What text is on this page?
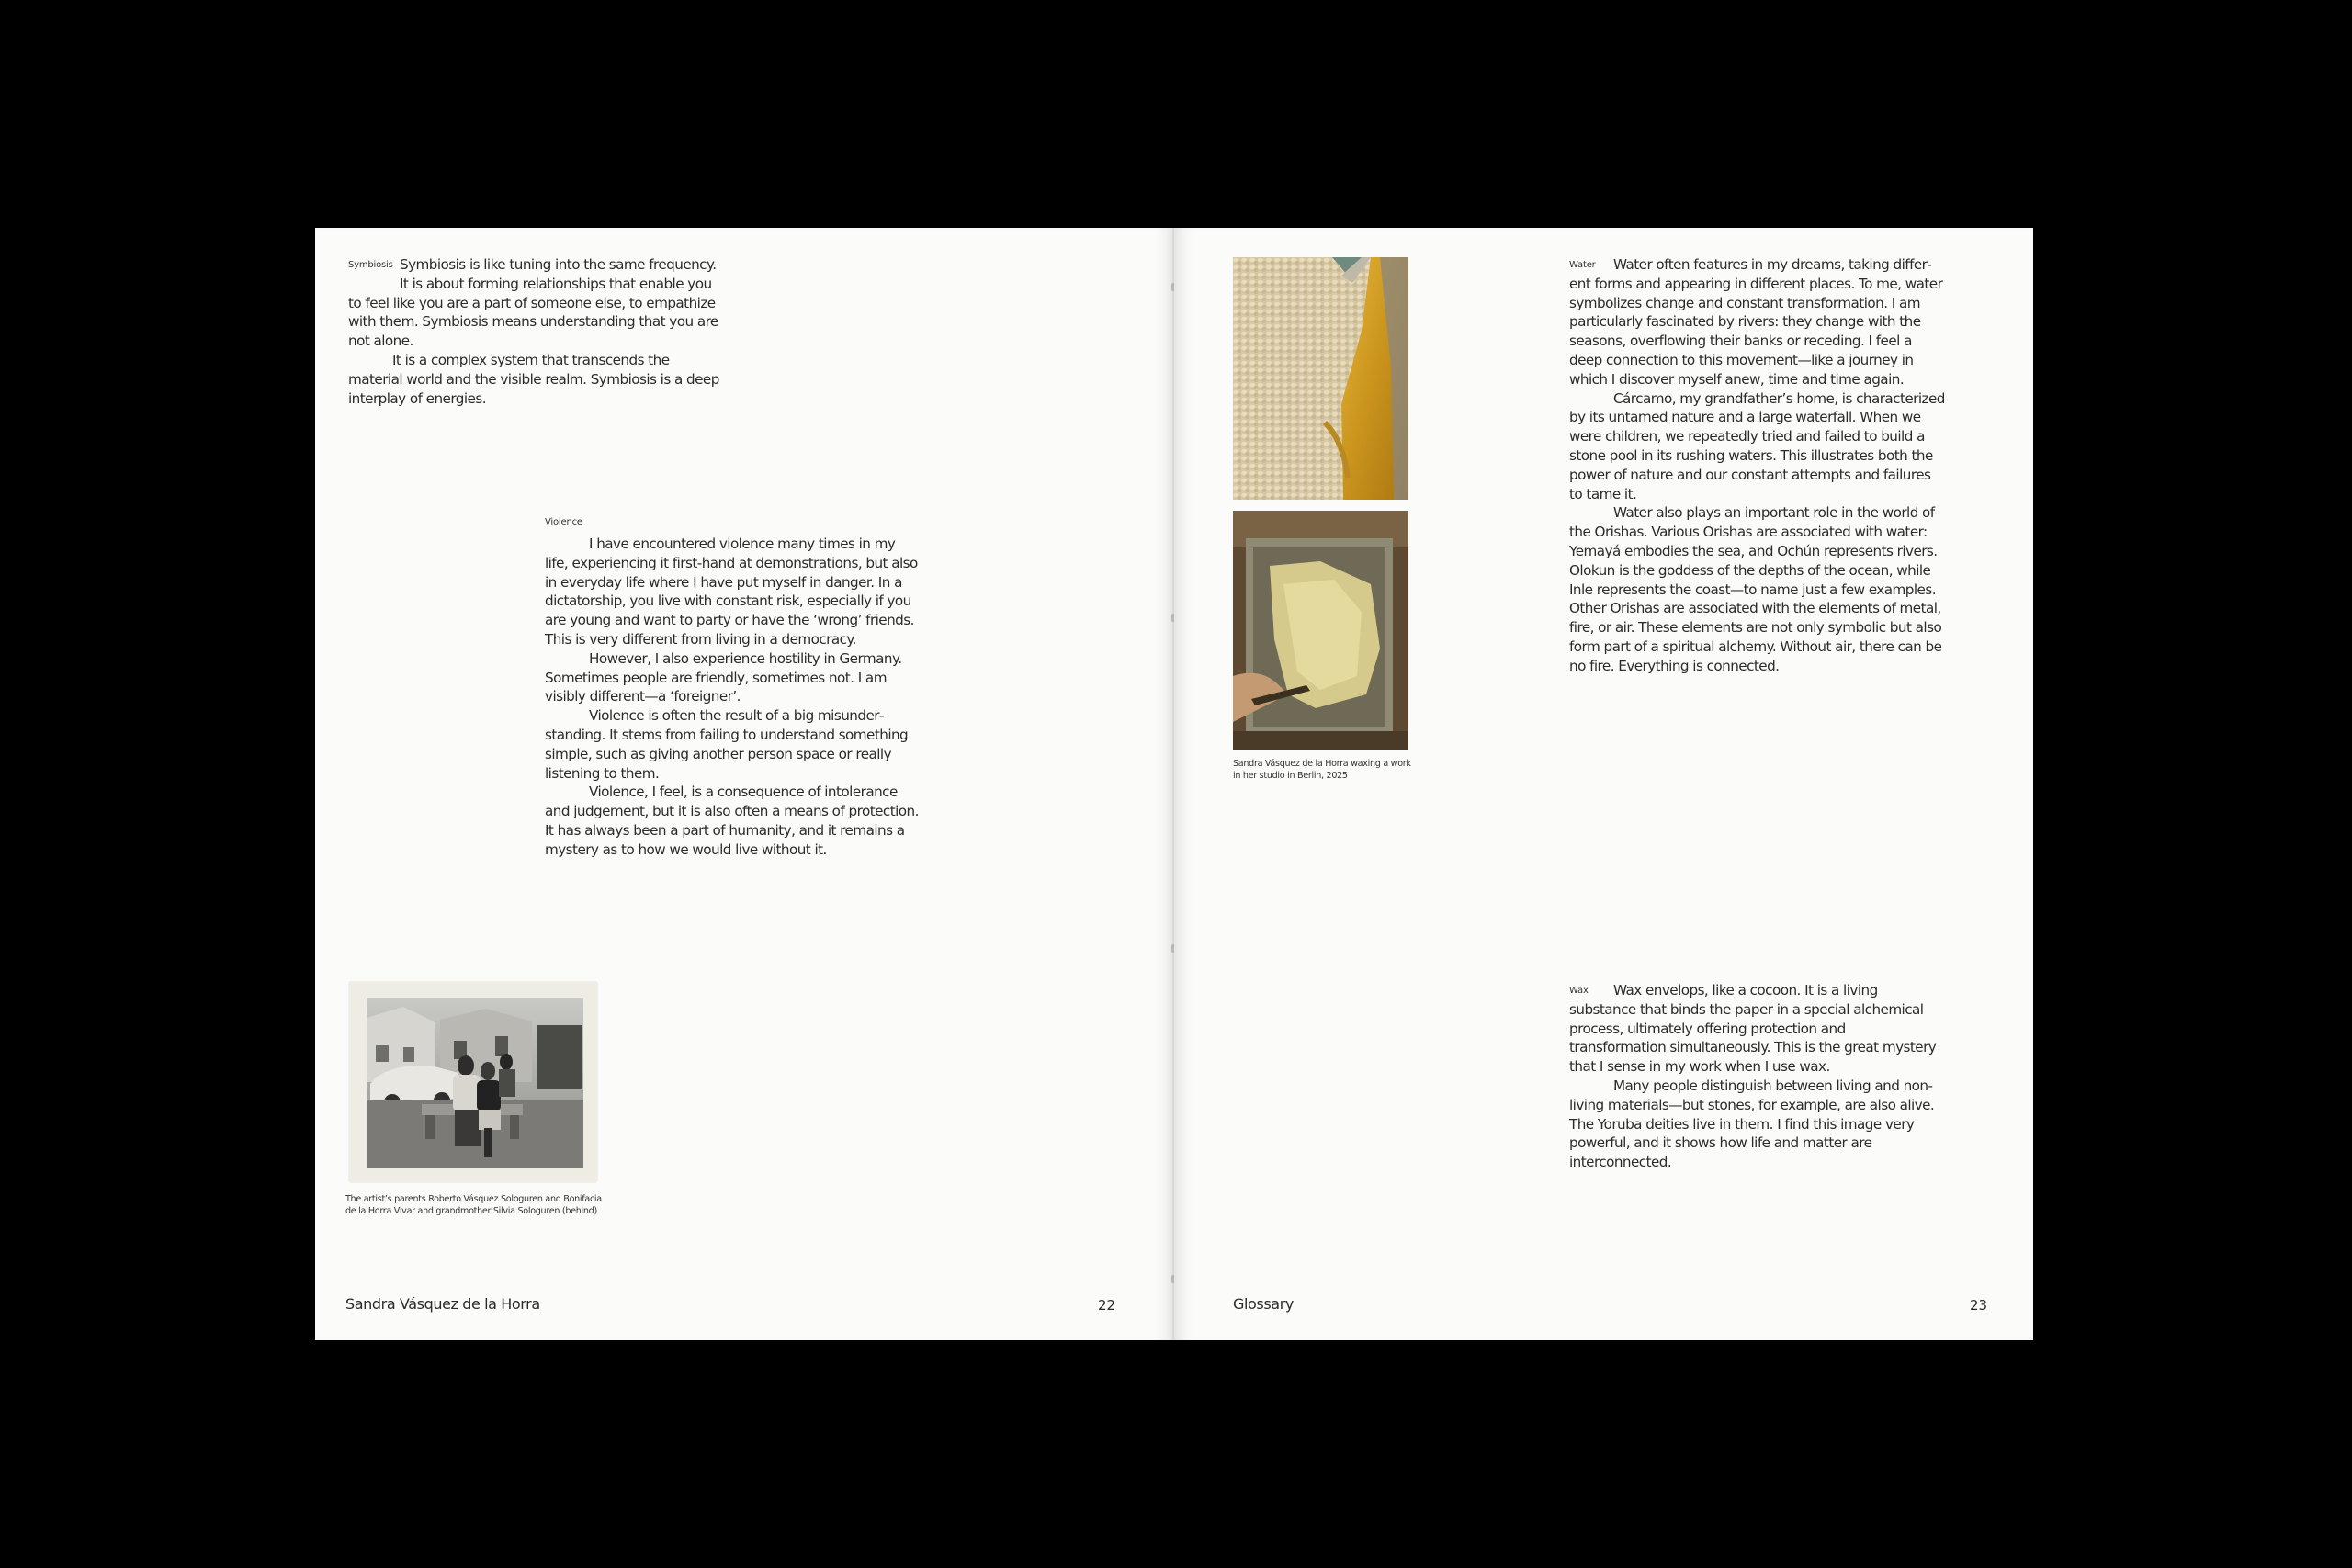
Symbiosis Symbiosis is like tuning into the same frequency.
It is about forming relationships that enable you
to feel like you are a part of someone else, to empathize with them. Symbiosis means understanding that you are not alone.

It is a complex system that transcends the material world and the visible realm. Symbiosis is a deep interplay of energies.

Violence

I have encountered violence many times in my life, experiencing it first-hand at demonstrations, but also in everyday life where I have put myself in danger. In a dictatorship, you live with constant risk, especially if you are young and want to party or have the ‘wrong’ friends. This is very different from living in a democracy.

However, I also experience hostility in Germany. Sometimes people are friendly, sometimes not. I am visibly different—a ‘foreigner’.

Violence is often the result of a big misunderstanding. It stems from failing to understand something simple, such as giving another person space or really listening to them.

Violence, I feel, is a consequence of intolerance and judgement, but it is also often a means of protection. It has always been a part of humanity, and it remains a mystery as to how we would live without it.

The artist’s parents Roberto Vásquez Sologuren and Bonifacia de la Horra Vivar and grandmother Silvia Sologuren (behind)
Sandra Vásquez de la Horra	22
Sandra Vásquez de la Horra waxing a work in her studio in Berlin, 2025
Water	Water often features in my dreams, taking different forms and appearing in different places. To me, water symbolizes change and constant transformation. I am particularly fascinated by rivers: they change with the seasons, overflowing their banks or receding. I feel a deep connection to this movement—like a journey in which I discover myself anew, time and time again.

Cárcamo, my grandfather’s home, is characterized by its untamed nature and a large waterfall. When we were children, we repeatedly tried and failed to build a stone pool in its rushing waters. This illustrates both the power of nature and our constant attempts and failures to tame it.

Water also plays an important role in the world of the Orishas. Various Orishas are associated with water: Yemayá embodies the sea, and Ochún represents rivers. Olokun is the goddess of the depths of the ocean, while Inle represents the coast—to name just a few examples. Other Orishas are associated with the elements of metal, fire, or air. These elements are not only symbolic but also form part of a spiritual alchemy. Without air, there can be no fire. Everything is connected.

Wax	Wax envelops, like a cocoon. It is a living substance that binds the paper in a special alchemical process, ultimately offering protection and transformation simultaneously. This is the great mystery that I sense in my work when I use wax.

Many people distinguish between living and nonliving materials—but stones, for example, are also alive. The Yoruba deities live in them. I find this image very powerful, and it shows how life and matter are interconnected.

Glossary	23
